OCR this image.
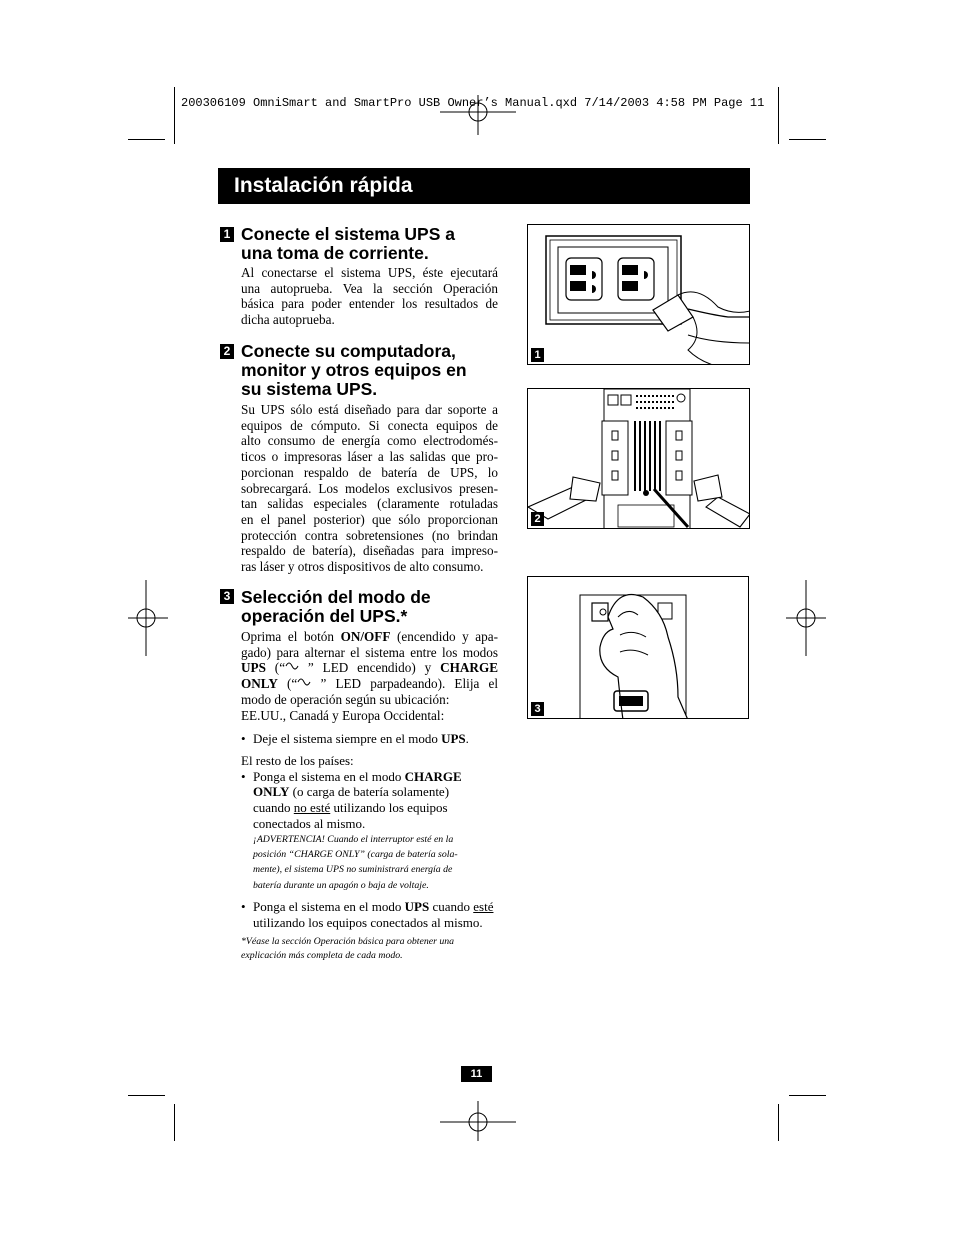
200306109 OmniSmart and SmartPro USB Owner’s Manual.qxd 7/14/2003 4:58 PM Page 11
Instalación rápida
1 Conecte el sistema UPS a
una toma de corriente.
Al conectarse el sistema UPS, éste ejecutará
una autoprueba. Vea la sección Operación
básica para poder entender los resultados de
dicha autoprueba.
2 Conecte su computadora,
monitor y otros equipos en
su sistema UPS.
Su UPS sólo está diseñado para dar soporte a
equipos de cómputo. Si conecta equipos de
alto consumo de energía como electrodomés-
ticos o impresoras láser a las salidas que pro-
porcionan respaldo de batería de UPS, lo
sobrecargará. Los modelos exclusivos presen-
tan salidas especiales (claramente rotuladas
en el panel posterior) que sólo proporcionan
protección contra sobretensiones (no brindan
respaldo de batería), diseñadas para impreso-
ras láser y otros dispositivos de alto consumo.
3 Selección del modo de
operación del UPS.*
Oprima el botón ON/OFF (encendido y apa-
gado) para alternar el sistema entre los modos
UPS (“ ” LED encendido) y CHARGE
ONLY (“ ” LED parpadeando). Elija el
modo de operación según su ubicación:
EE.UU., Canadá y Europa Occidental:
• Deje el sistema siempre en el modo UPS.
El resto de los países:
• Ponga el sistema en el modo CHARGE
ONLY (o carga de batería solamente)
cuando no esté utilizando los equipos
conectados al mismo.
¡ADVERTENCIA! Cuando el interruptor esté en la
posición “CHARGE ONLY” (carga de batería sola-
mente), el sistema UPS no suministrará energía de
batería durante un apagón o baja de voltaje.
• Ponga el sistema en el modo UPS cuando esté
utilizando los equipos conectados al mismo.
*Véase la sección Operación básica para obtener una
explicación más completa de cada modo.
1
2
3
11
